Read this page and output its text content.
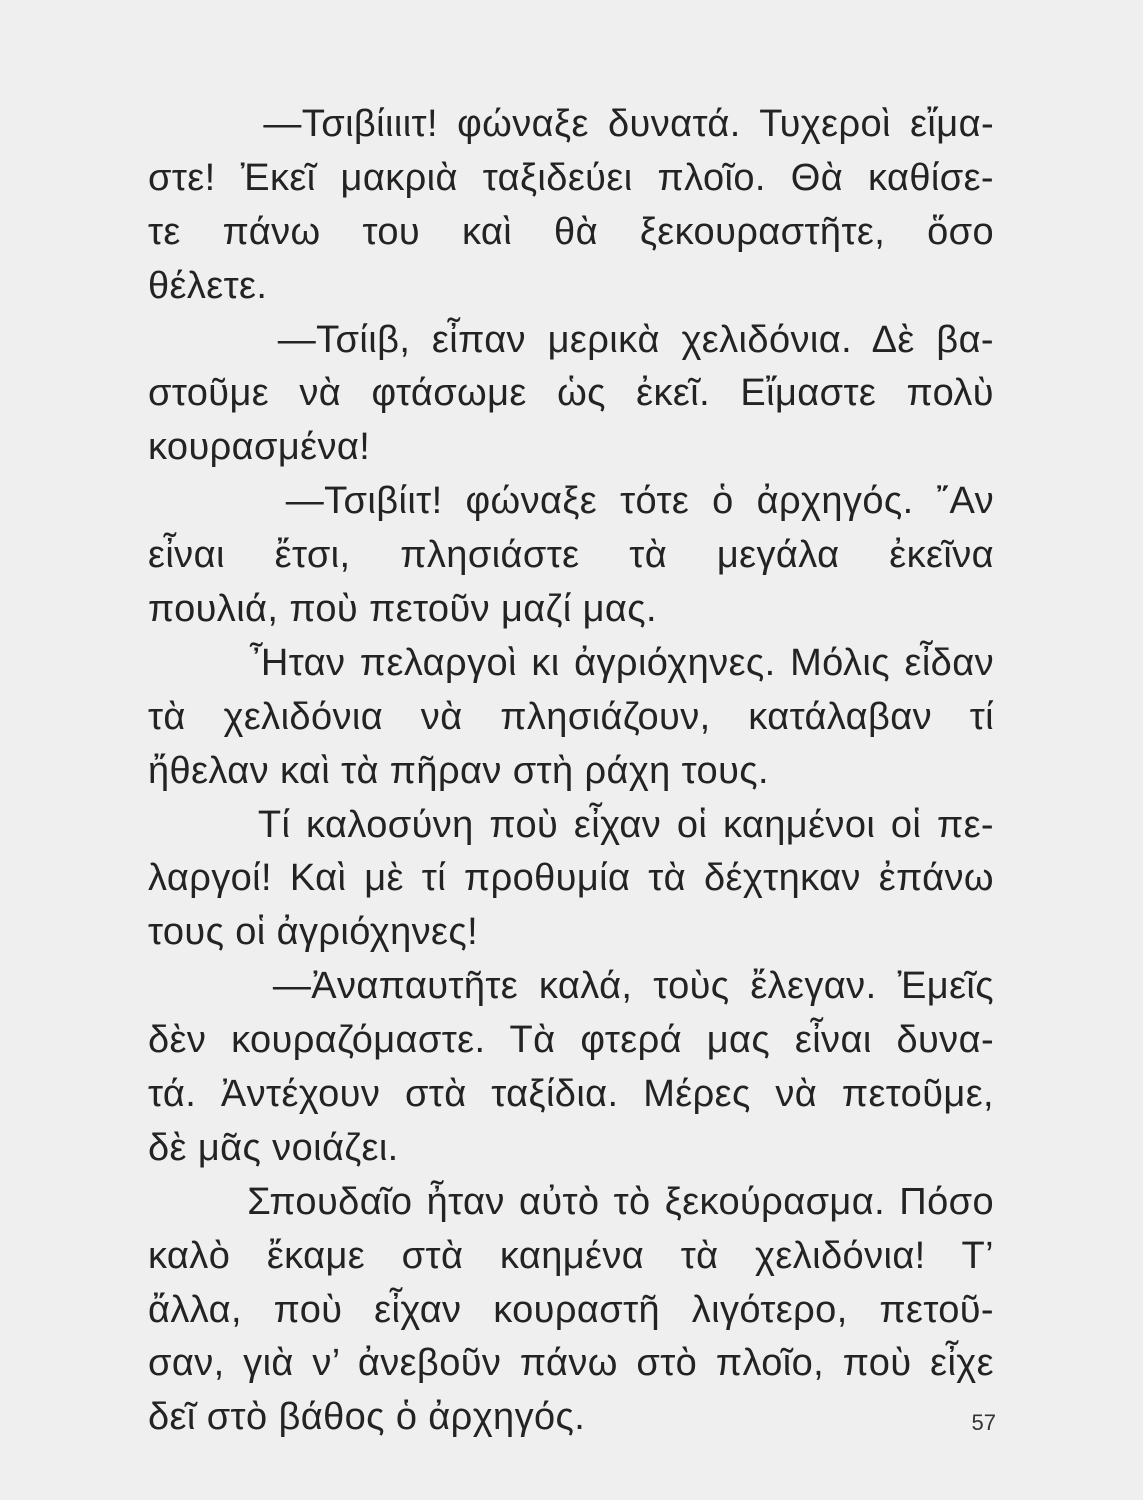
—Τσιβίιιιτ! φώναξε δυνατά. Τυχεροὶ εἴμα-
στε! Ἐκεῖ μακριὰ ταξιδεύει πλοῖο. Θὰ καθίσε-
τε πάνω του καὶ θὰ ξεκουραστῆτε, ὅσο
θέλετε.
—Τσίιβ, εἶπαν μερικὰ χελιδόνια. Δὲ βα-
στοῦμε νὰ φτάσωμε ὡς ἐκεῖ. Εἴμαστε πολὺ
κουρασμένα!
—Τσιβίιτ! φώναξε τότε ὁ ἀρχηγός. ῎Αν
εἶναι ἔτσι, πλησιάστε τὰ μεγάλα ἐκεῖνα
πουλιά, ποὺ πετοῦν μαζί μας.
Ἦταν πελαργοὶ κι ἀγριόχηνες. Μόλις εἶδαν
τὰ χελιδόνια νὰ πλησιάζουν, κατάλαβαν τί
ἤθελαν καὶ τὰ πῆραν στὴ ράχη τους.
Τί καλοσύνη ποὺ εἶχαν οἱ καημένοι οἱ πε-
λαργοί! Καὶ μὲ τί προθυμία τὰ δέχτηκαν ἐπάνω
τους οἱ ἀγριόχηνες!
—Ἀναπαυτῆτε καλά, τοὺς ἔλεγαν. Ἐμεῖς
δὲν κουραζόμαστε. Τὰ φτερά μας εἶναι δυνα-
τά. Ἀντέχουν στὰ ταξίδια. Μέρες νὰ πετοῦμε,
δὲ μᾶς νοιάζει.
Σπουδαῖο ἦταν αὐτὸ τὸ ξεκούρασμα. Πόσο
καλὸ ἔκαμε στὰ καημένα τὰ χελιδόνια! Τ’
ἄλλα, ποὺ εἶχαν κουραστῆ λιγότερο, πετοῦ-
σαν, γιὰ ν’ ἀνεβοῦν πάνω στὸ πλοῖο, ποὺ εἶχε
δεῖ στὸ βάθος ὁ ἀρχηγός.	57
